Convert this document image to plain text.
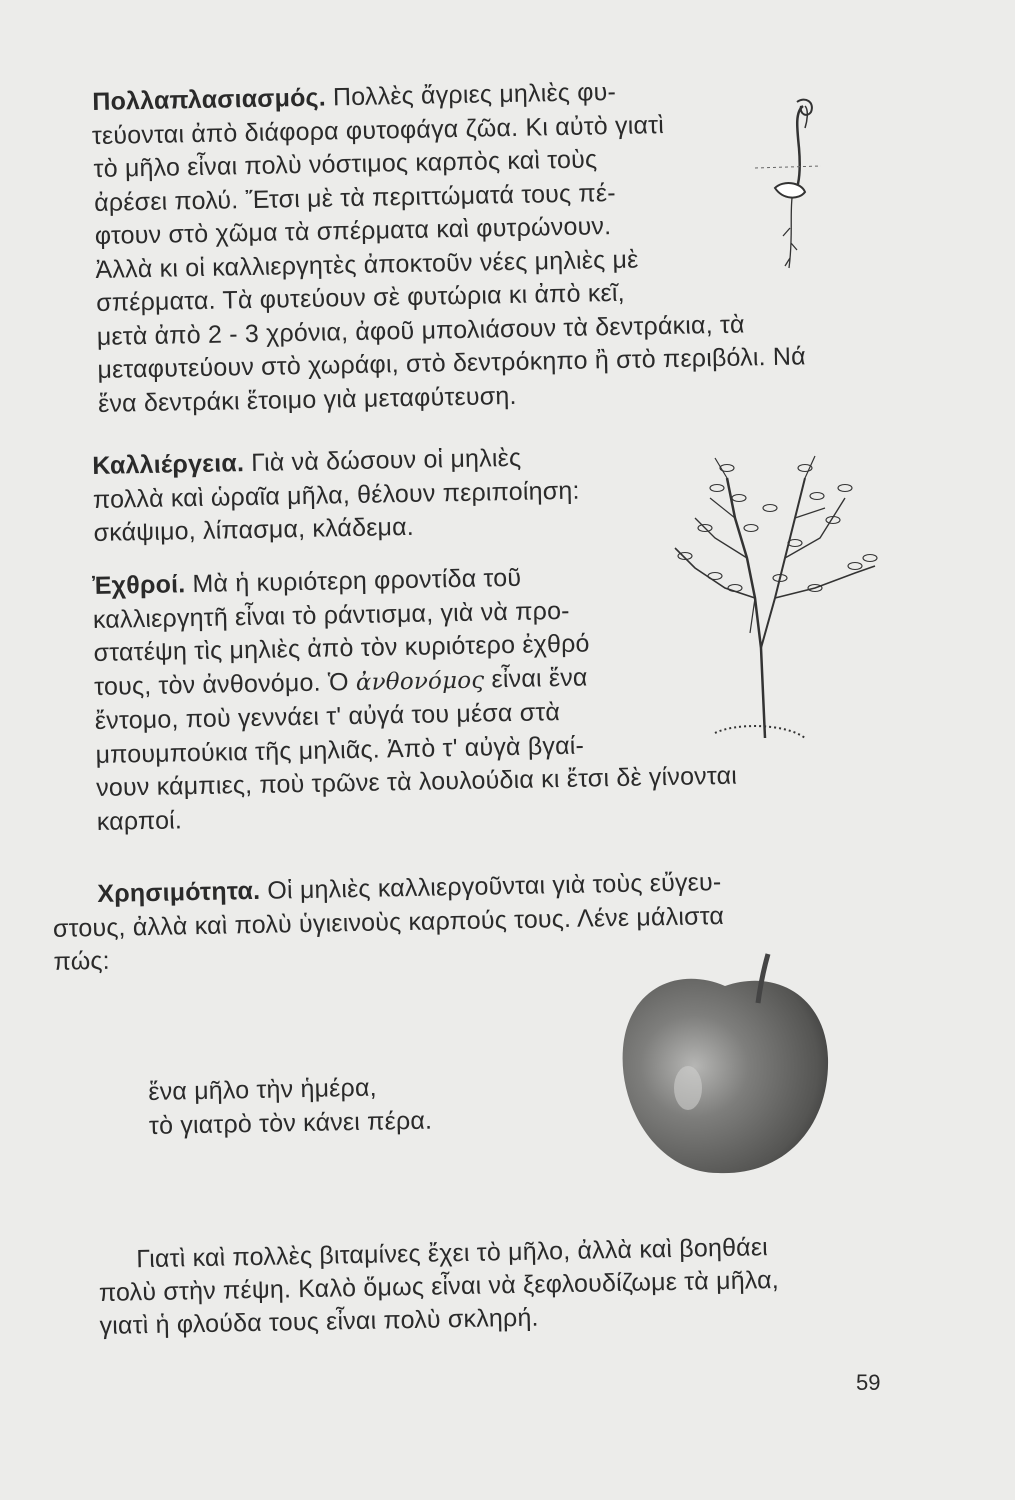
Πολλαπλασιασμός. Πολλὲς ἄγριες μηλιὲς φυ-
τεύονται ἀπὸ διάφορα φυτοφάγα ζῶα. Κι αὐτὸ γιατὶ
τὸ μῆλο εἶναι πολὺ νόστιμος καρπὸς καὶ τοὺς
ἀρέσει πολύ. Ἔτσι μὲ τὰ περιττώματά τους πέ-
φτουν στὸ χῶμα τὰ σπέρματα καὶ φυτρώνουν.
Ἀλλὰ κι οἱ καλλιεργητὲς ἀποκτοῦν νέες μηλιὲς μὲ
σπέρματα. Τὰ φυτεύουν σὲ φυτώρια κι ἀπὸ κεῖ,
μετὰ ἀπὸ 2 - 3 χρόνια, ἀφοῦ μπολιάσουν τὰ δεντράκια, τὰ
μεταφυτεύουν στὸ χωράφι, στὸ δεντρόκηπο ἢ στὸ περιβόλι. Νά
ἕνα δεντράκι ἕτοιμο γιὰ μεταφύτευση.
Καλλιέργεια. Γιὰ νὰ δώσουν οἱ μηλιὲς
πολλὰ καὶ ὡραῖα μῆλα, θέλουν περιποίηση:
σκάψιμο, λίπασμα, κλάδεμα.
Ἐχθροί. Μὰ ἡ κυριότερη φροντίδα τοῦ
καλλιεργητῆ εἶναι τὸ ράντισμα, γιὰ νὰ προ-
στατέψη τὶς μηλιὲς ἀπὸ τὸν κυριότερο ἐχθρό
τους, τὸν ἀνθονόμο. Ὁ ἀνθονόμος εἶναι ἕνα
ἔντομο, ποὺ γεννάει τ' αὐγά του μέσα στὰ
μπουμπούκια τῆς μηλιᾶς. Ἀπὸ τ' αὐγὰ βγαί-
νουν κάμπιες, ποὺ τρῶνε τὰ λουλούδια κι ἔτσι δὲ γίνονται
καρποί.
Χρησιμότητα. Οἱ μηλιὲς καλλιεργοῦνται γιὰ τοὺς εὔγευ-
στους, ἀλλὰ καὶ πολὺ ὑγιεινοὺς καρπούς τους. Λένε μάλιστα
πώς:
ἕνα μῆλο τὴν ἡμέρα,
τὸ γιατρὸ τὸν κάνει πέρα.
Γιατὶ καὶ πολλὲς βιταμίνες ἔχει τὸ μῆλο, ἀλλὰ καὶ βοηθάει
πολὺ στὴν πέψη. Καλὸ ὅμως εἶναι νὰ ξεφλουδίζωμε τὰ μῆλα,
γιατὶ ἡ φλούδα τους εἶναι πολὺ σκληρή.
59
